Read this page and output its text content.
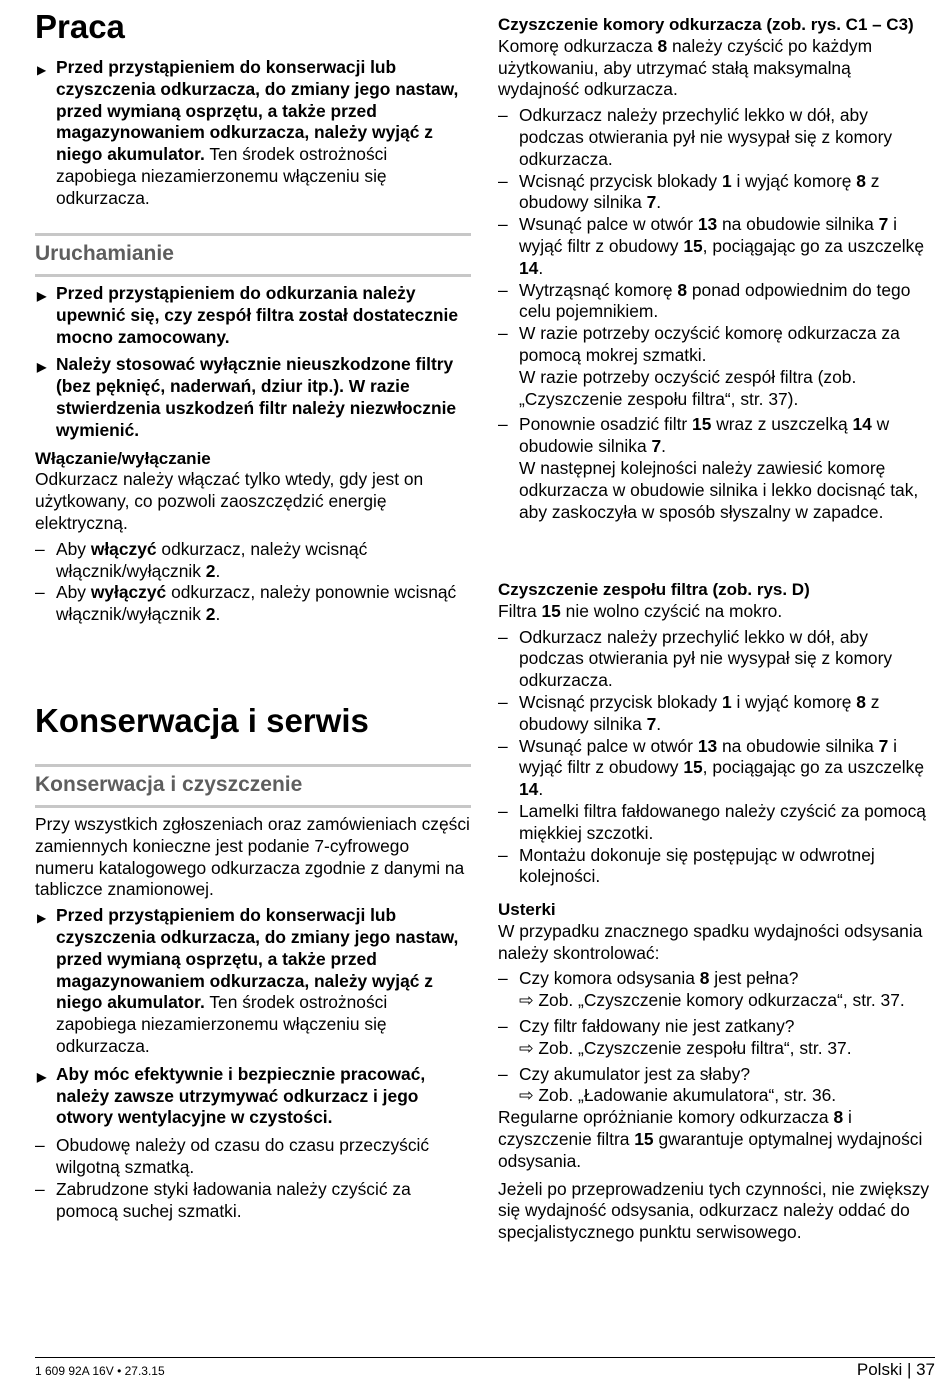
Praca

▶ Przed przystąpieniem do konserwacji lub czyszczenia odkurzacza, do zmiany jego nastaw, przed wymianą osprzętu, a także przed magazynowaniem odkurzacza, należy wyjąć z niego akumulator. Ten środek ostrożności zapobiega niezamierzonemu włączeniu się odkurzacza.

Uruchamianie

▶ Przed przystąpieniem do odkurzania należy upewnić się, czy zespół filtra został dostatecznie mocno zamocowany.

▶ Należy stosować wyłącznie nieuszkodzone filtry (bez pęknięć, naderwań, dziur itp.). W razie stwierdzenia uszkodzeń filtr należy niezwłocznie wymienić.

Włączanie/wyłączanie

Odkurzacz należy włączać tylko wtedy, gdy jest on użytkowany, co pozwoli zaoszczędzić energię elektryczną.

– Aby włączyć odkurzacz, należy wcisnąć włącznik/wyłącznik 2.

– Aby wyłączyć odkurzacz, należy ponownie wcisnąć włącznik/wyłącznik 2.

Konserwacja i serwis
Konserwacja i czyszczenie

Przy wszystkich zgłoszeniach oraz zamówieniach części zamiennych konieczne jest podanie 7-cyfrowego numeru katalogowego odkurzacza zgodnie z danymi na tabliczce znamionowej.

▶ Przed przystąpieniem do konserwacji lub czyszczenia odkurzacza, do zmiany jego nastaw, przed wymianą osprzętu, a także przed magazynowaniem odkurzacza, należy wyjąć z niego akumulator. Ten środek ostrożności zapobiega niezamierzonemu włączeniu się odkurzacza.

▶ Aby móc efektywnie i bezpiecznie pracować, należy zawsze utrzymywać odkurzacz i jego otwory wentylacyjne w czystości.

– Obudowę należy od czasu do czasu przeczyścić wilgotną szmatką.

– Zabrudzone styki ładowania należy czyścić za pomocą suchej szmatki.

Czyszczenie komory odkurzacza (zob. rys. C1 – C3)

Komorę odkurzacza 8 należy czyścić po każdym użytkowaniu, aby utrzymać stałą maksymalną wydajność odkurzacza.

– Odkurzacz należy przechylić lekko w dół, aby podczas otwierania pył nie wysypał się z komory odkurzacza.

– Wcisnąć przycisk blokady 1 i wyjąć komorę 8 z obudowy silnika 7.

– Wsunąć palce w otwór 13 na obudowie silnika 7 i wyjąć filtr z obudowy 15, pociągając go za uszczelkę 14.

– Wytrząsnąć komorę 8 ponad odpowiednim do tego celu pojemnikiem.

– W razie potrzeby oczyścić komorę odkurzacza za pomocą mokrej szmatki.

W razie potrzeby oczyścić zespół filtra (zob. „Czyszczenie zespołu filtra“, str. 37).

– Ponownie osadzić filtr 15 wraz z uszczelką 14 w obudowie silnika 7.

W następnej kolejności należy zawiesić komorę odkurzacza w obudowie silnika i lekko docisnąć tak, aby zaskoczyła w sposób słyszalny w zapadce.

Czyszczenie zespołu filtra (zob. rys. D)

Filtra 15 nie wolno czyścić na mokro.

– Odkurzacz należy przechylić lekko w dół, aby podczas otwierania pył nie wysypał się z komory odkurzacza.

– Wcisnąć przycisk blokady 1 i wyjąć komorę 8 z obudowy silnika 7.

– Wsunąć palce w otwór 13 na obudowie silnika 7 i wyjąć filtr z obudowy 15, pociągając go za uszczelkę 14.

– Lamelki filtra fałdowanego należy czyścić za pomocą miękkiej szczotki.

– Montażu dokonuje się postępując w odwrotnej kolejności.

Usterki

W przypadku znacznego spadku wydajności odsysania należy skontrolować:

– Czy komora odsysania 8 jest pełna?

⇨ Zob. „Czyszczenie komory odkurzacza“, str. 37.

– Czy filtr fałdowany nie jest zatkany?

⇨ Zob. „Czyszczenie zespołu filtra“, str. 37.

– Czy akumulator jest za słaby?

⇨ Zob. „Ładowanie akumulatora“, str. 36.

Regularne opróżnianie komory odkurzacza 8 i czyszczenie filtra 15 gwarantuje optymalnej wydajności odsysania.

Jeżeli po przeprowadzeniu tych czynności, nie zwiększy się wydajność odsysania, odkurzacz należy oddać do specjalistycznego punktu serwisowego.

1 609 92A 16V • 27.3.15	Polski | 37
